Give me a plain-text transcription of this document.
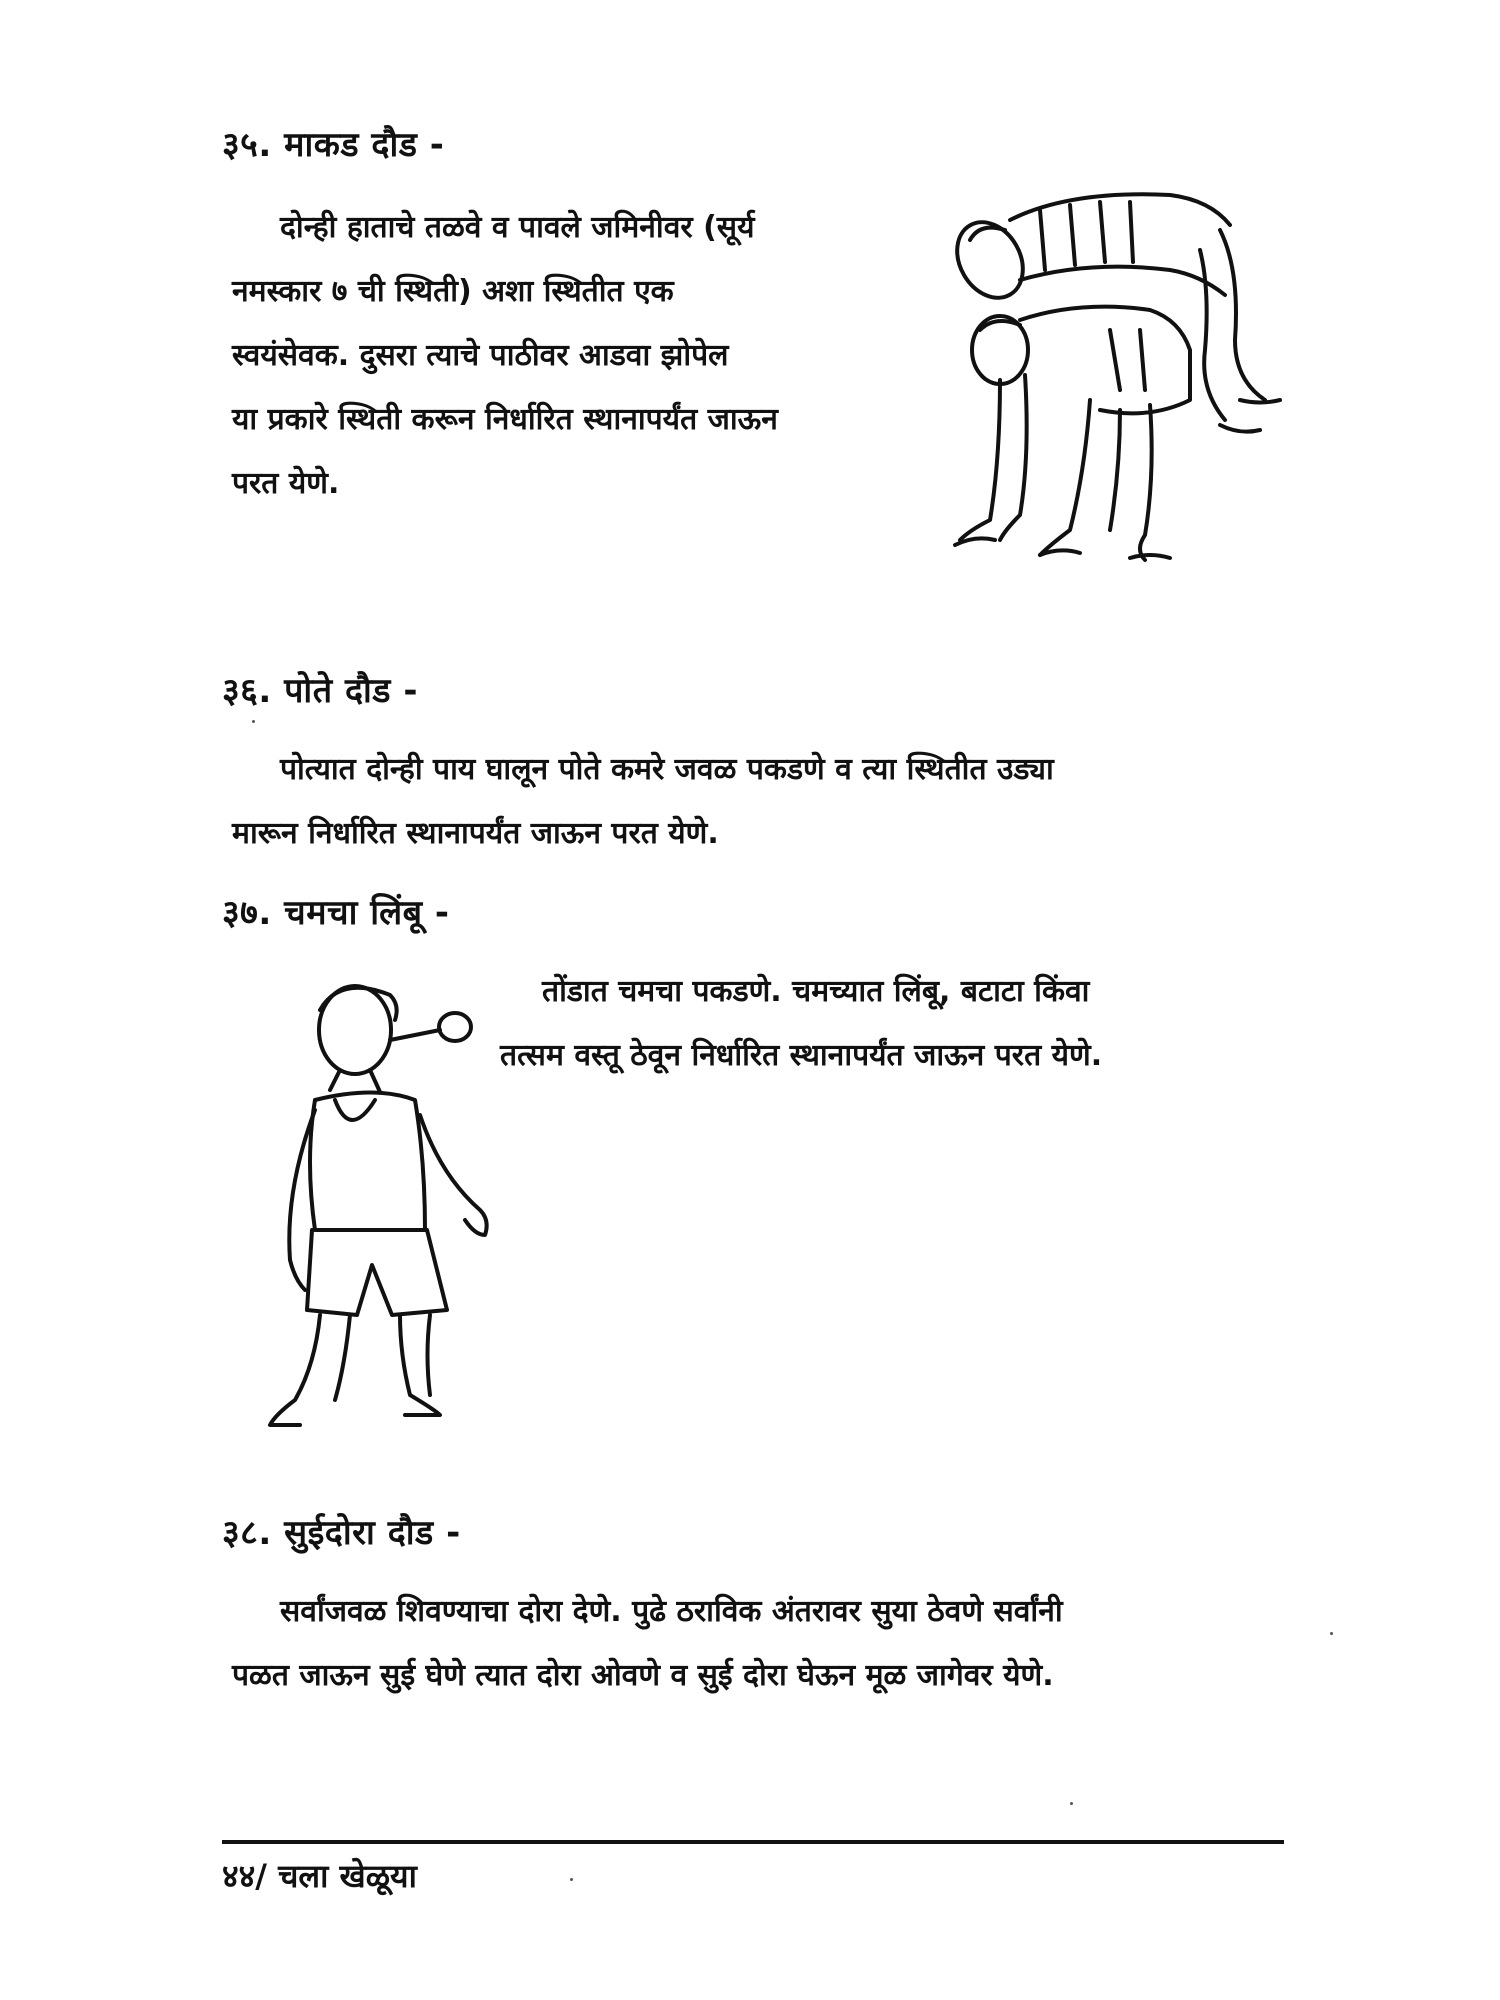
३५. माकड दौड -
दोन्ही हाताचे तळवे व पावले जमिनीवर (सूर्य
नमस्कार ७ ची स्थिती) अशा स्थितीत एक
स्वयंसेवक. दुसरा त्याचे पाठीवर आडवा झोपेल
या प्रकारे स्थिती करून निर्धारित स्थानापर्यंत जाऊन
परत येणे.
३६. पोते दौड -
पोत्यात दोन्ही पाय घालून पोते कमरे जवळ पकडणे व त्या स्थितीत उड्या
मारून निर्धारित स्थानापर्यंत जाऊन परत येणे.
३७. चमचा लिंबू -
तोंडात चमचा पकडणे. चमच्यात लिंबू, बटाटा किंवा
तत्सम वस्तू ठेवून निर्धारित स्थानापर्यंत जाऊन परत येणे.
३८. सुईदोरा दौड -
सर्वांजवळ शिवण्याचा दोरा देणे. पुढे ठराविक अंतरावर सुया ठेवणे सर्वांनी
पळत जाऊन सुई घेणे त्यात दोरा ओवणे व सुई दोरा घेऊन मूळ जागेवर येणे.
४४/ चला खेळूया
